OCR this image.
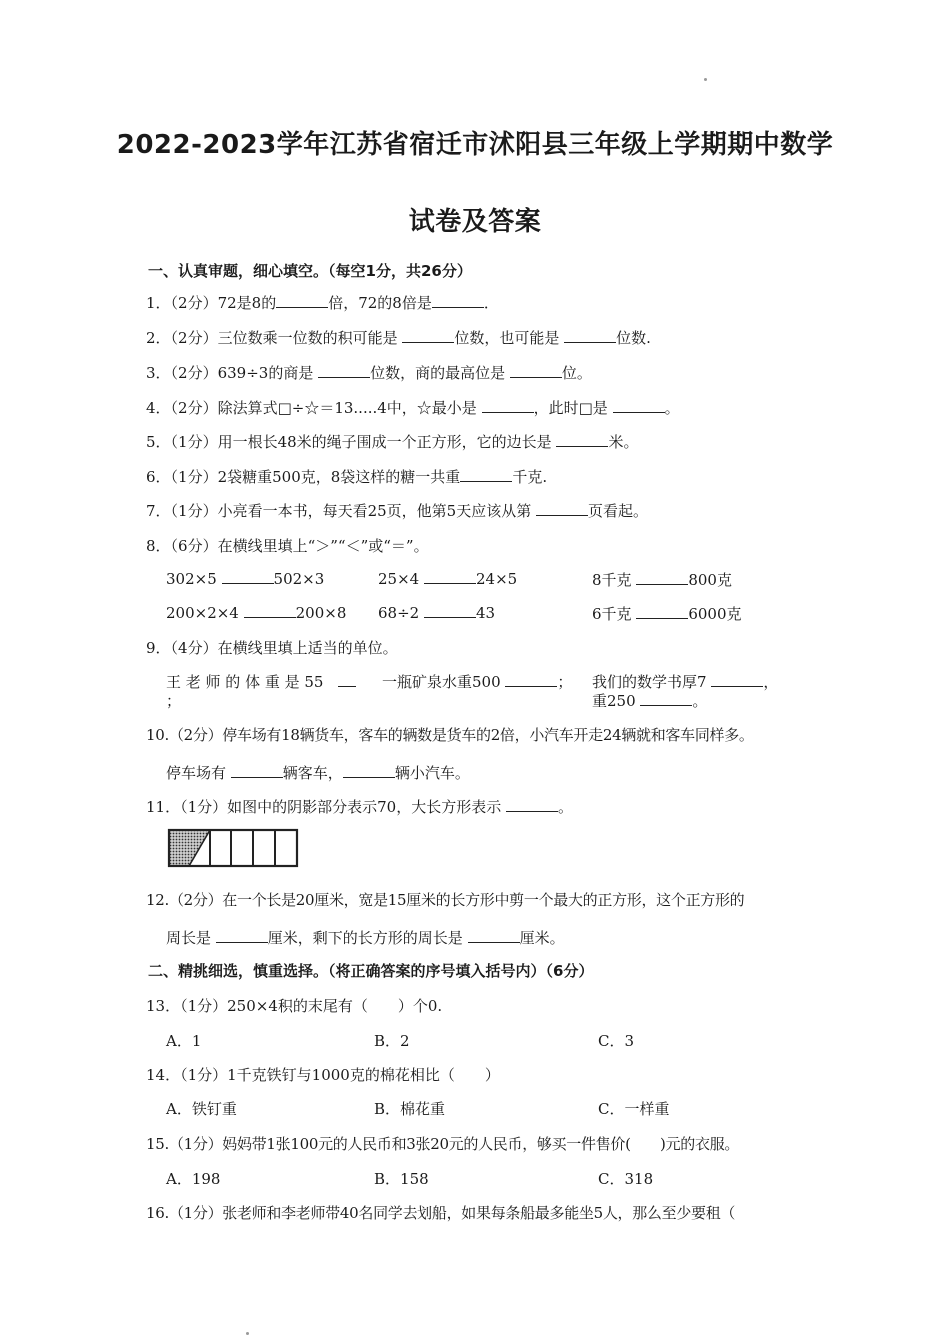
2022-2023学年江苏省宿迁市沭阳县三年级上学期期中数学
试卷及答案
一、认真审题，细心填空。（每空1分，共26分）
1．（2分）72是8的	倍，72的8倍是	．
2．（2分）三位数乘一位数的积可能是	位数，也可能是	位数.
3．（2分）639÷3的商是	位数，商的最高位是	位。
4．（2分）除法算式□÷☆＝13.....4中，☆最小是	，此时□是	。
5．（1分）用一根长48米的绳子围成一个正方形，它的边长是	米。
6．（1分）2袋糖重500克，8袋这样的糖一共重	千克.
7．（1分）小亮看一本书，每天看25页，他第5天应该从第	页看起。
8．（6分）在横线里填上“＞”“＜”或“＝”。
302×5	502×3	25×4	24×5	8千克	800克
200×2×4	200×8 68÷2	43	6千克	6000克
9．（4分）在横线里填上适当的单位。
王 老 师 的 体 重 是 55
；
一瓶矿泉水重500	； 我们的数学书厚7	，
重250	。
10.（2分）停车场有18辆货车，客车的辆数是货车的2倍，小汽车开走24辆就和客车同样多。
停车场有	辆客车，	辆小汽车。
11．（1分）如图中的阴影部分表示70，大长方形表示	。
12.（2分）在一个长是20厘米，宽是15厘米的长方形中剪一个最大的正方形，这个正方形的
周长是	厘米，剩下的长方形的周长是	厘米。
二、精挑细选，慎重选择。（将正确答案的序号填入括号内）（6分）
13．（1分）250×4积的末尾有（　　）个0.
A．1	B．2	C．3
14．（1分）1千克铁钉与1000克的棉花相比（　　）
A．铁钉重	B．棉花重	C．一样重
15.（1分）妈妈带1张100元的人民币和3张20元的人民币，够买一件售价(　　)元的衣服。
A．198	B．158	C．318
16.（1分）张老师和李老师带40名同学去划船，如果每条船最多能坐5人，那么至少要租（
